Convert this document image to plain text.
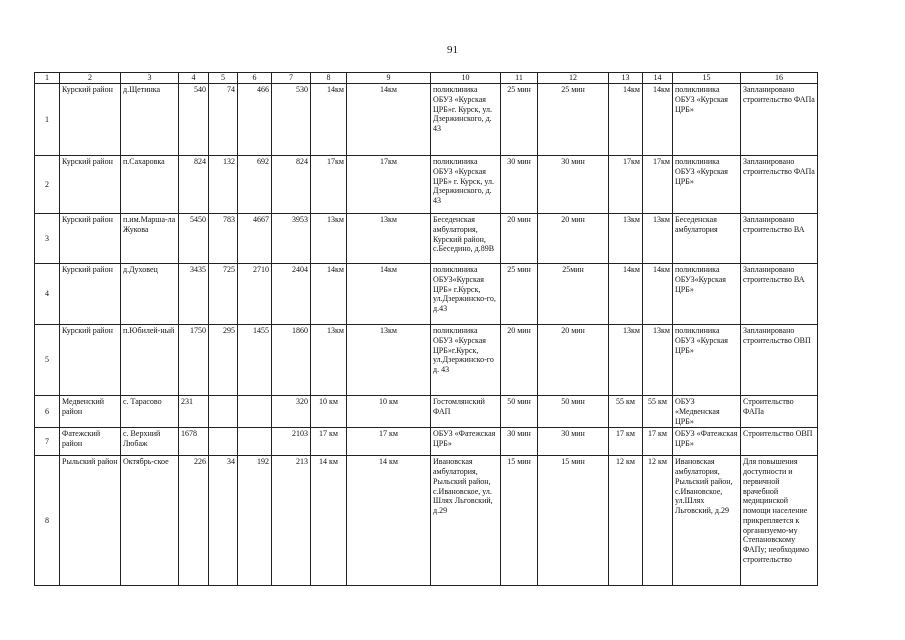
91
1	2	3	4	5	6	7	8	9	10	11	12	13	14	15	16
1	Курский район	д.Щетинка	540	74	466	530	14км	14км	поликлиника ОБУЗ «Курская ЦРБ»г. Курск, ул. Дзержинского, д. 43	25 мин	25 мин	14км	14км	поликлиника ОБУЗ «Курская ЦРБ»	Запланировано строительство ФАПа
2	Курский район	п.Сахаровка	824	132	692	824	17км	17км	поликлиника ОБУЗ «Курская ЦРБ» г. Курск, ул. Дзержинского, д. 43	30 мин	30 мин	17км	17км	поликлиника ОБУЗ «Курская ЦРБ»	Запланировано строительство ФАПа
3	Курский район	п.им.Марша-ла Жукова	5450	783	4667	3953	13км	13км	Беседенская амбулатория, Курский район, с.Беседино, д.89В	20 мин	20 мин	13км	13км	Беседенская амбулатория	Запланировано строительство ВА
4	Курский район	д.Духовец	3435	725	2710	2404	14км	14км	поликлиника ОБУЗ«Курская ЦРБ» г.Курск, ул.Дзержинско-го, д.43	25 мин	25мин	14км	14км	поликлиника ОБУЗ«Курская ЦРБ»	Запланировано строительство ВА
5	Курский район	п.Юбилей-ный	1750	295	1455	1860	13км	13км	поликлиника ОБУЗ «Курская ЦРБ»г.Курск, ул.Дзержинско-го д. 43	20 мин	20 мин	13км	13км	поликлиника ОБУЗ «Курская ЦРБ»	Запланировано строительство ОВП
6	Медвенский район	с. Тарасово	231			320	10 км	10 км	Гостомлянский ФАП	50 мин	50 мин	55 км	55 км	ОБУЗ «Медвенская ЦРБ»	Строительство ФАПа
7	Фатежский район	с. Верхний Любаж	1678			2103	17 км	17 км	ОБУЗ «Фатежская ЦРБ»	30 мин	30 мин	17 км	17 км	ОБУЗ «Фатежская ЦРБ»	Строительство ОВП
8	Рыльский район	Октябрь-ское	226	34	192	213	14 км	14 км	Ивановская амбулатория, Рыльский район, с.Ивановское, ул. Шлях Льговский, д.29	15 мин	15 мин	12 км	12 км	Ивановская амбулатория, Рыльский район, с.Ивановское, ул.Шлях Льговский, д.29	Для повышения доступности и первичной врачебной медицинской помощи население прикрепляется к организуемо-му Степановскому ФАПу; необходимо строительство
